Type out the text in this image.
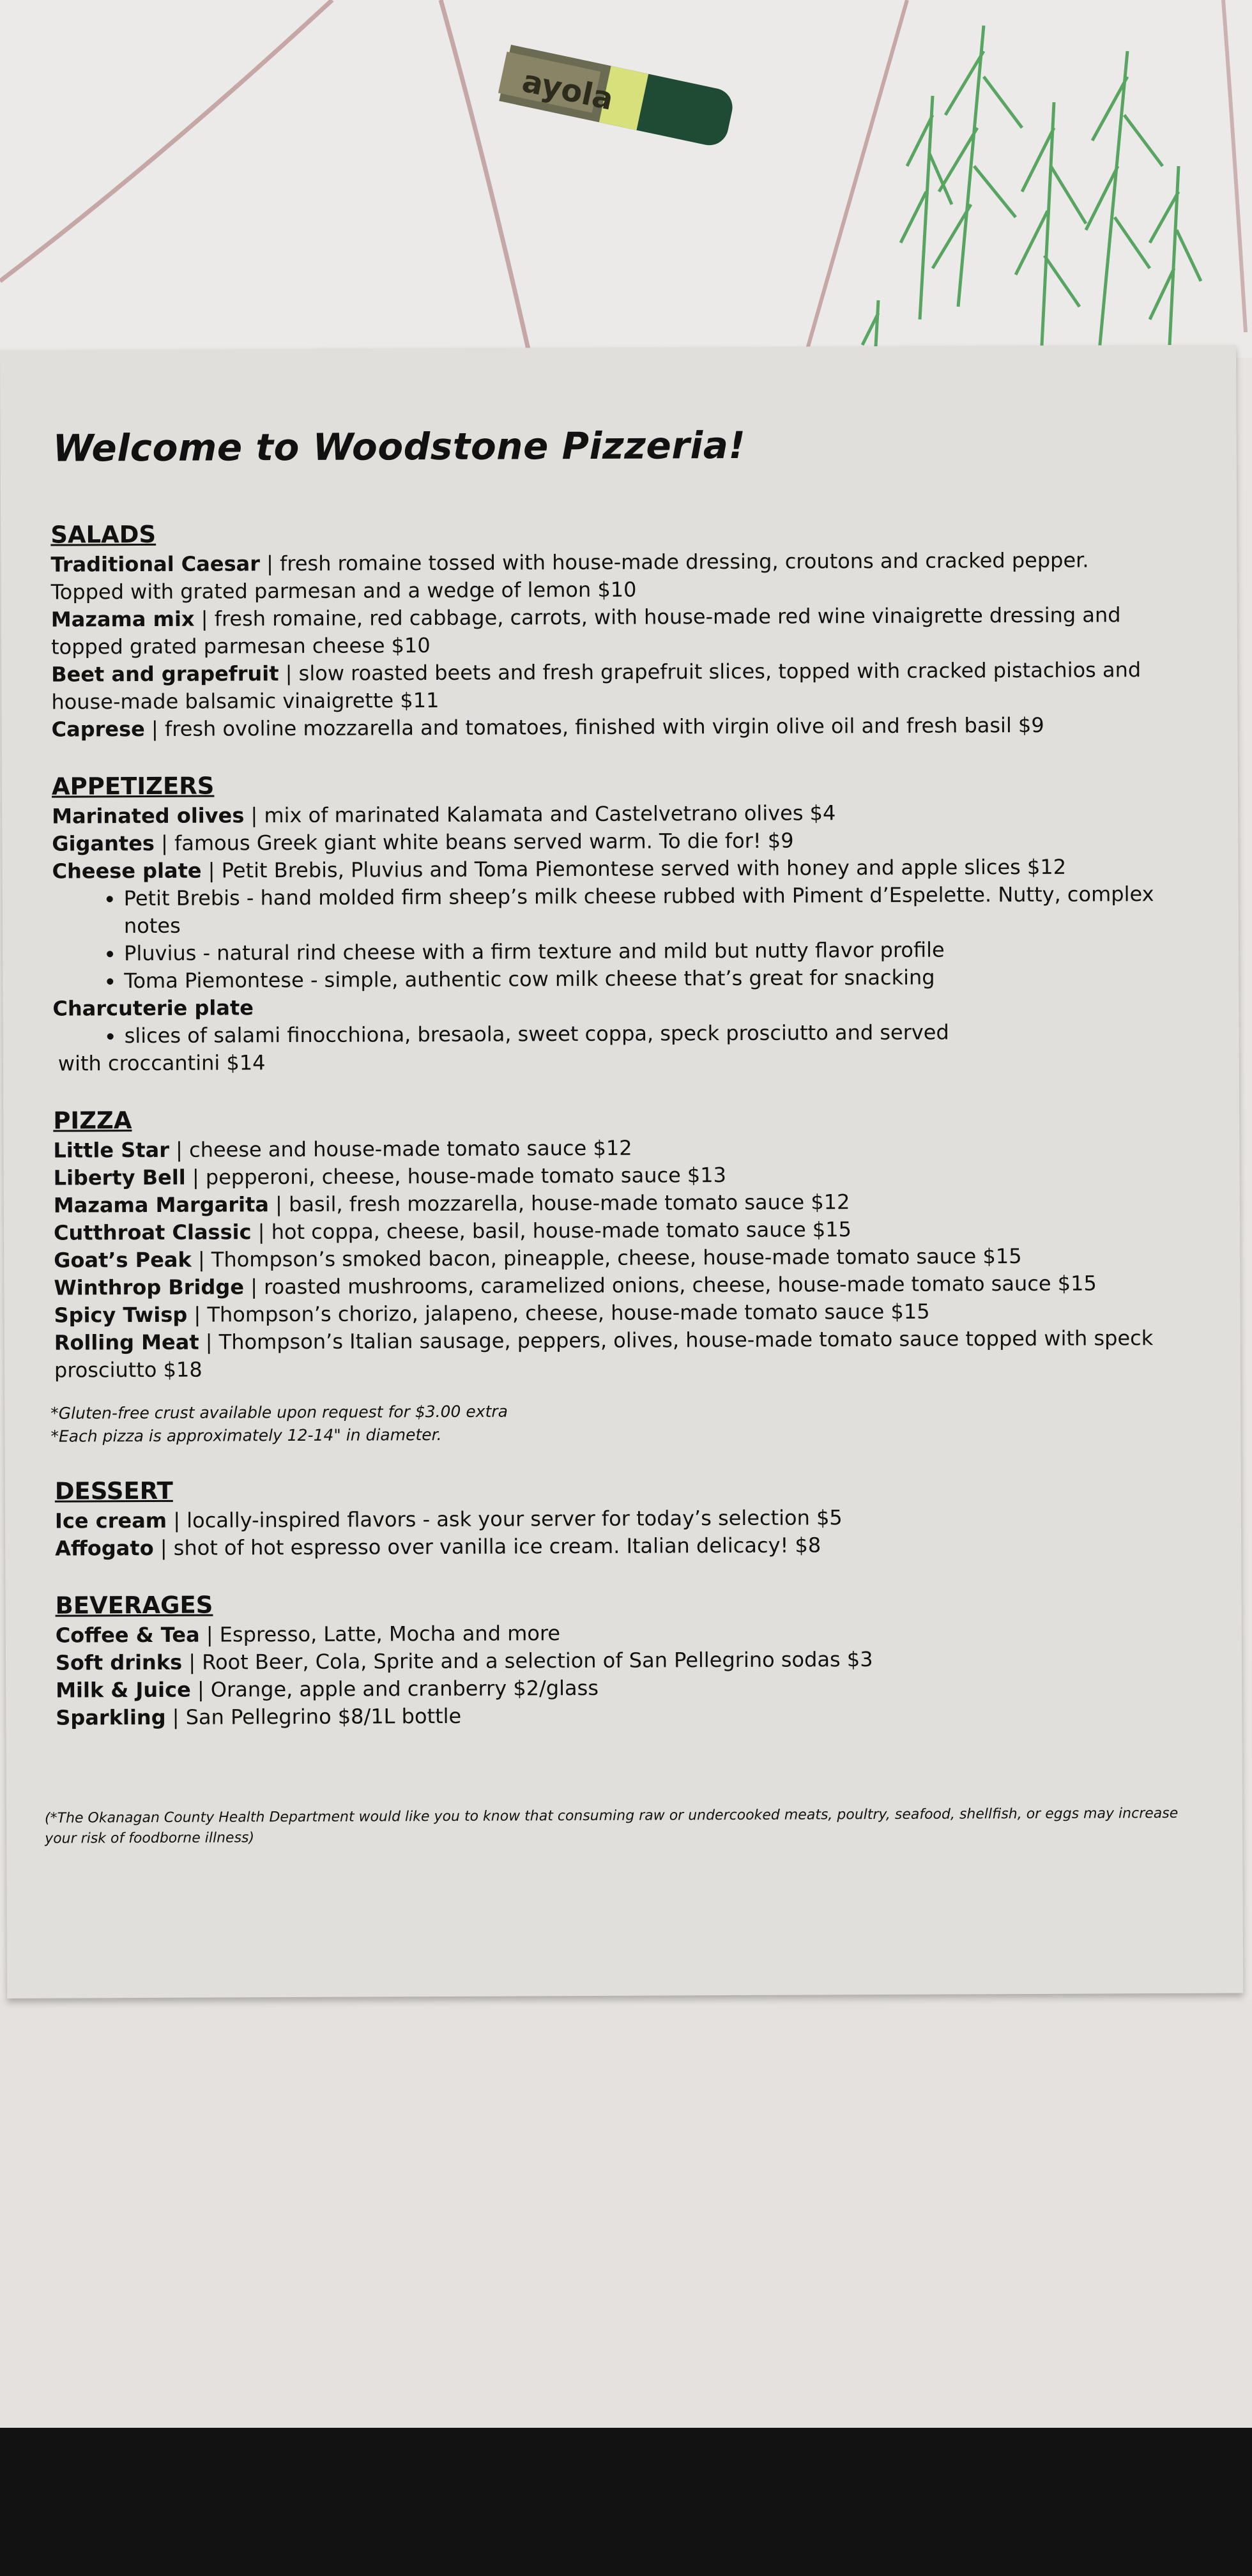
ayola
Welcome to Woodstone Pizzeria!
SALADS
Traditional Caesar | fresh romaine tossed with house-made dressing, croutons and cracked pepper.
Topped with grated parmesan and a wedge of lemon $10
Mazama mix | fresh romaine, red cabbage, carrots, with house-made red wine vinaigrette dressing and
topped grated parmesan cheese $10
Beet and grapefruit | slow roasted beets and fresh grapefruit slices, topped with cracked pistachios and
house-made balsamic vinaigrette $11
Caprese | fresh ovoline mozzarella and tomatoes, finished with virgin olive oil and fresh basil $9
APPETIZERS
Marinated olives | mix of marinated Kalamata and Castelvetrano olives $4
Gigantes | famous Greek giant white beans served warm. To die for! $9
Cheese plate | Petit Brebis, Pluvius and Toma Piemontese served with honey and apple slices $12
• Petit Brebis - hand molded firm sheep’s milk cheese rubbed with Piment d’Espelette. Nutty, complex notes
• Pluvius - natural rind cheese with a firm texture and mild but nutty flavor profile
• Toma Piemontese - simple, authentic cow milk cheese that’s great for snacking
Charcuterie plate
• slices of salami finocchiona, bresaola, sweet coppa, speck prosciutto and served
with croccantini $14
PIZZA
Little Star | cheese and house-made tomato sauce $12
Liberty Bell | pepperoni, cheese, house-made tomato sauce $13
Mazama Margarita | basil, fresh mozzarella, house-made tomato sauce $12
Cutthroat Classic | hot coppa, cheese, basil, house-made tomato sauce $15
Goat’s Peak | Thompson’s smoked bacon, pineapple, cheese, house-made tomato sauce $15
Winthrop Bridge | roasted mushrooms, caramelized onions, cheese, house-made tomato sauce $15
Spicy Twisp | Thompson’s chorizo, jalapeno, cheese, house-made tomato sauce $15
Rolling Meat | Thompson’s Italian sausage, peppers, olives, house-made tomato sauce topped with speck
prosciutto $18
*Gluten-free crust available upon request for $3.00 extra
*Each pizza is approximately 12-14" in diameter.
DESSERT
Ice cream | locally-inspired flavors - ask your server for today’s selection $5
Affogato | shot of hot espresso over vanilla ice cream. Italian delicacy! $8
BEVERAGES
Coffee & Tea | Espresso, Latte, Mocha and more
Soft drinks | Root Beer, Cola, Sprite and a selection of San Pellegrino sodas $3
Milk & Juice | Orange, apple and cranberry $2/glass
Sparkling | San Pellegrino $8/1L bottle
(*The Okanagan County Health Department would like you to know that consuming raw or undercooked meats, poultry, seafood, shellfish, or eggs may increase your risk of foodborne illness)
